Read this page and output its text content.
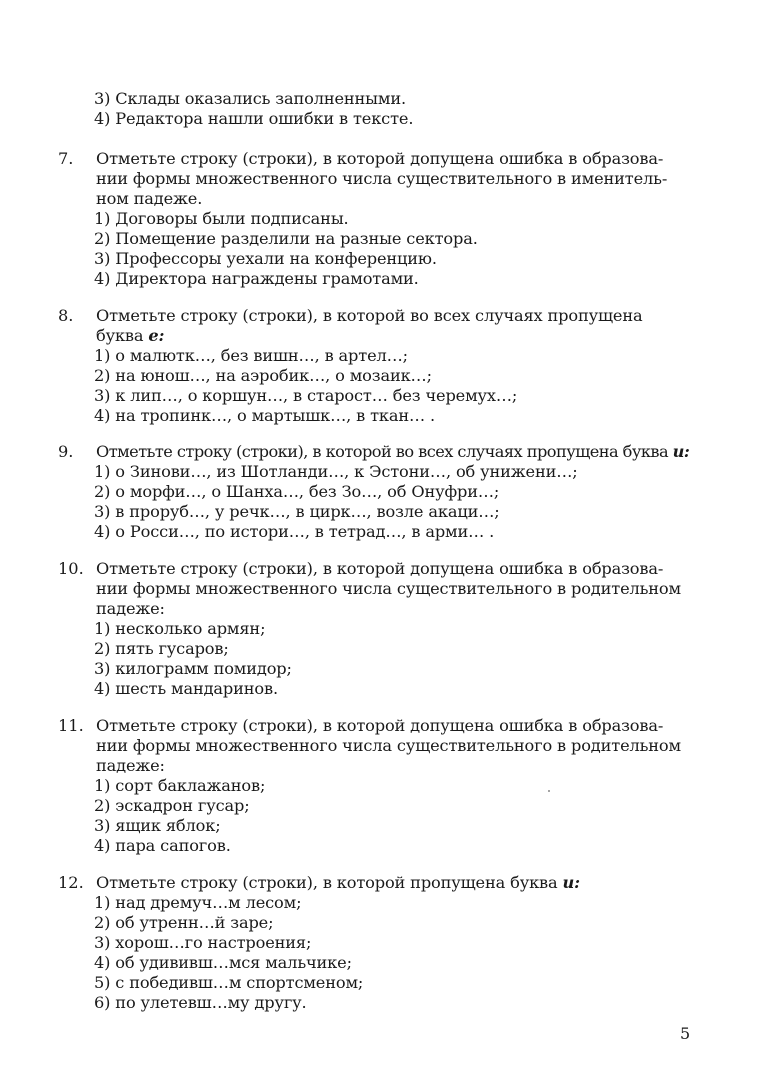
3) Склады оказались заполненными.
4) Редактора нашли ошибки в тексте.
7. Отметьте строку (строки), в которой допущена ошибка в образова-
нии формы множественного числа существительного в именитель-
ном падеже.
1) Договоры были подписаны.
2) Помещение разделили на разные сектора.
3) Профессоры уехали на конференцию.
4) Директора награждены грамотами.
8. Отметьте строку (строки), в которой во всех случаях пропущена
буква е:
1) о малютк…, без вишн…, в артел…;
2) на юнош…, на аэробик…, о мозаик…;
3) к лип…, о коршун…, в старост… без черемух…;
4) на тропинк…, о мартышк…, в ткан… .
9. Отметьте строку (строки), в которой во всех случаях пропущена буква и:
1) о Зинови…, из Шотланди…, к Эстони…, об унижени…;
2) о морфи…, о Шанха…, без Зо…, об Онуфри…;
3) в проруб…, у речк…, в цирк…, возле акаци…;
4) о Росси…, по истори…, в тетрад…, в арми… .
10. Отметьте строку (строки), в которой допущена ошибка в образова-
нии формы множественного числа существительного в родительном
падеже:
1) несколько армян;
2) пять гусаров;
3) килограмм помидор;
4) шесть мандаринов.
11. Отметьте строку (строки), в которой допущена ошибка в образова-
нии формы множественного числа существительного в родительном
падеже:
1) сорт баклажанов;
2) эскадрон гусар;
3) ящик яблок;
4) пара сапогов.
12. Отметьте строку (строки), в которой пропущена буква и:
1) над дремуч…м лесом;
2) об утренн…й заре;
3) хорош…го настроения;
4) об удививш…мся мальчике;
5) с победивш…м спортсменом;
6) по улетевш…му другу.
5
